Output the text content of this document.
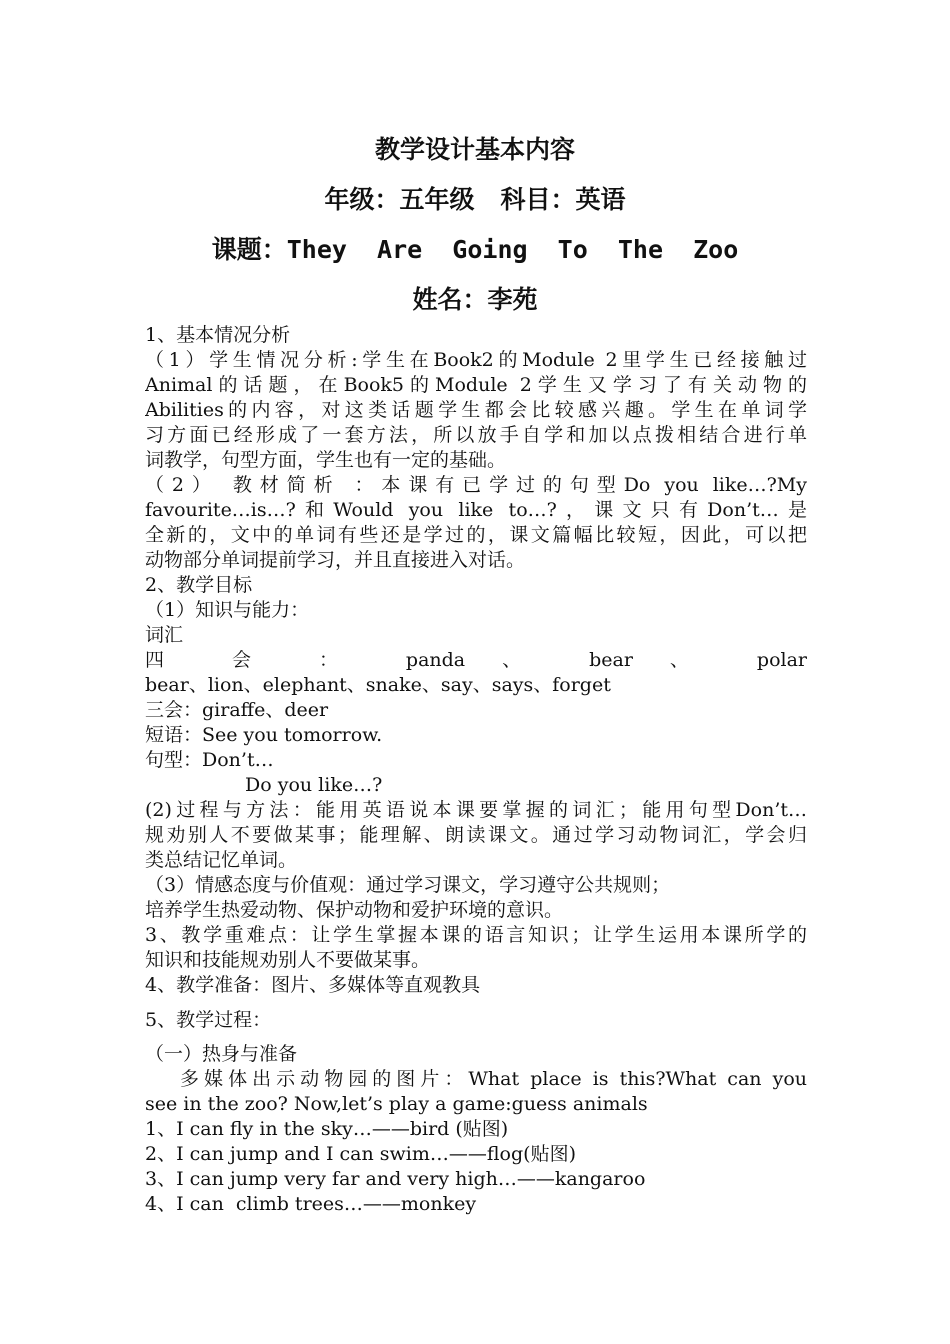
教学设计基本内容
年级：五年级   科目：英语
课题：They  Are  Going  To  The  Zoo
姓名：李苑
1、基本情况分析
（1）学生情况分析:学生在Book2的Module 2里学生已经接触过
Animal的话题，在Book5的Module 2学生又学习了有关动物的
Abilities的内容，对这类话题学生都会比较感兴趣。学生在单词学
习方面已经形成了一套方法，所以放手自学和加以点拨相结合进行单
词教学，句型方面，学生也有一定的基础。
（2） 教材简析 ：本课有已学过的句型Do you like…?My
favourite…is…?和Would you like to…?，课文只有Don’t…是
全新的，文中的单词有些还是学过的，课文篇幅比较短，因此，可以把
动物部分单词提前学习，并且直接进入对话。
2、教学目标
（1）知识与能力：
词汇
四 会 ： panda 、 bear 、 polar
bear、lion、elephant、snake、say、says、forget
三会：giraffe、deer
短语：See you tomorrow.
句型：Don’t…
Do you like…?
(2)过程与方法：能用英语说本课要掌握的词汇；能用句型Don’t…
规劝别人不要做某事；能理解、朗读课文。通过学习动物词汇，学会归
类总结记忆单词。
（3）情感态度与价值观：通过学习课文，学习遵守公共规则；
培养学生热爱动物、保护动物和爱护环境的意识。
3、教学重难点：让学生掌握本课的语言知识；让学生运用本课所学的
知识和技能规劝别人不要做某事。
4、教学准备：图片、多媒体等直观教具
5、教学过程：
（一）热身与准备
多媒体出示动物园的图片：What place is this?What can you
see in the zoo? Now,let’s play a game:guess animals
1、I can fly in the sky…——bird (贴图)
2、I can jump and I can swim…——flog(贴图)
3、I can jump very far and very high…——kangaroo
4、I can  climb trees…——monkey
